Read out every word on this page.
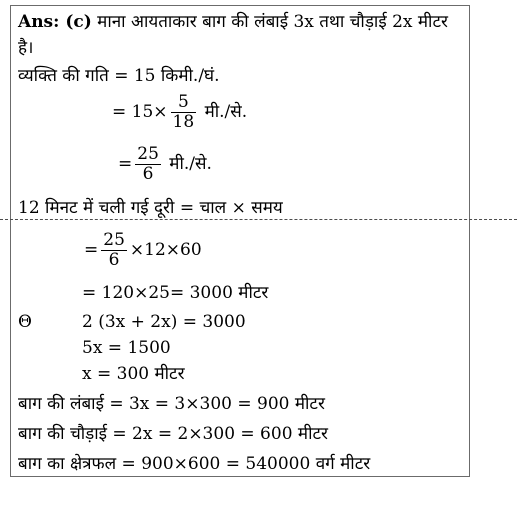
Ans: (c) माना आयताकार बाग की लंबाई 3x तथा चौड़ाई 2x मीटर
है।
व्यक्ति की गति = 15 किमी./घं.
= $15\times \frac{5}{18}$ मी./से.
= $\frac{25}{6}$ मी./से.
12 मिनट में चली गई दूरी = चाल × समय
= $\frac{25}{6} \times 12\times 60$
= 120×25= 3000 मीटर
Θ	2 (3x + 2x) = 3000
5x = 1500
x = 300 मीटर
बाग की लंबाई = 3x = 3×300 = 900 मीटर
बाग की चौड़ाई = 2x = 2×300 = 600 मीटर
बाग का क्षेत्रफल = 900×600 = 540000 वर्ग मीटर
